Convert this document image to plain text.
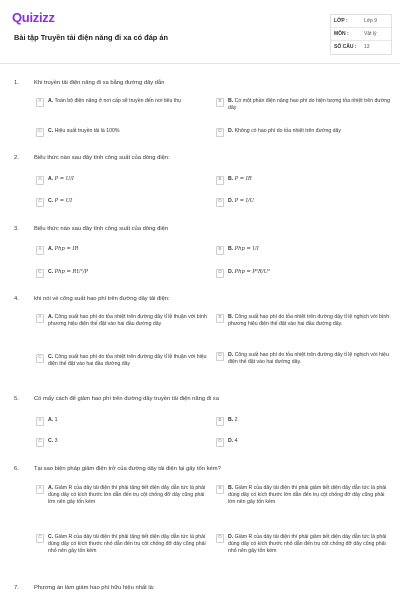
Quizizz
Bài tập Truyền tải điện năng đi xa có đáp án
LỚP :	Lớp 9
MÔN :	Vật lý
SỐ CÂU :	13
1.	Khi truyền tải điện năng đi xa bằng đường dây dẫn
A	A. Toàn bộ điện năng ở nơi cấp sẽ truyền đến nơi tiêu thụ	B	B. Có một phần điện năng hao phí do hiện tượng tỏa nhiệt trên đường dây
C	C. Hiệu suất truyền tải là 100%	D	D. Không có hao phí do tỏa nhiệt trên đường dây
2.	Biểu thức nào sau đây tính công suất của dòng điện:
A	A. P = U/I	B	B. P = IR
C	C. P = UI	D	D. P = I/U
3.	Biểu thức nào sau đây tính công suất của dòng điện
A	A. Php = IR	B	B. Php = UI
C	C. Php = RU²/P	D	D. Php = P²R/U²
4.	khi nói về công suất hao phí trên đường dây tải điện:
A	A. Công suất hao phí do tỏa nhiệt trên đường dây tỉ lệ thuận với bình phương hiệu điện thế đặt vào hai đầu đường dây
B	B. Công suất hao phí do tỏa nhiệt trên đường dây tỉ lệ nghịch với bình phương hiệu điện thế đặt vào hai đầu đường dây.
C	C. Công suất hao phí do tỏa nhiệt trên đường dây tỉ lệ thuận với hiệu điện thế đặt vào hai đầu đường dây
D	D. Công suất hao phí do tỏa nhiệt trên đường dây tỉ lệ nghịch với hiệu điện thế đặt vào hai đường dây.
5.	Có mấy cách để giảm hao phí trên đường dây truyền tải điện năng đi xa
A	A. 1	B	B. 2
C	C. 3	D	D. 4
6.	Tại sao biện pháp giảm điện trở của đường dây tải điện lại gây tốn kém?
A	A. Giảm R của dây tải điện thì phải tăng tiết diện dây dẫn tức là phải dùng dây có kích thước lớn dẫn đến trụ cột chống đỡ dây cũng phải lớn nên gây tốn kém
B	B. Giảm R của dây tải điện thì phải giảm tiết diện dây dẫn tức là phải dùng dây có kích thước lớn dẫn đến trụ cột chống đỡ dây cũng phải lớn nên gây tốn kém
C	C. Giảm R của dây tải điện thì phải tăng tiết diện dây dẫn tức là phải dùng dây có kích thước nhỏ dẫn đến trụ cột chống đỡ dây cũng phải nhỏ nên gây tốn kém
D	D. Giảm R của dây tải điện thì phải giảm tiết diện dây dẫn tức là phải dùng dây có kích thước nhỏ dẫn đến trụ cột chống đỡ dây cũng phải nhỏ nên gây tốn kém
7.	Phương án làm giảm hao phí hữu hiệu nhất là:
